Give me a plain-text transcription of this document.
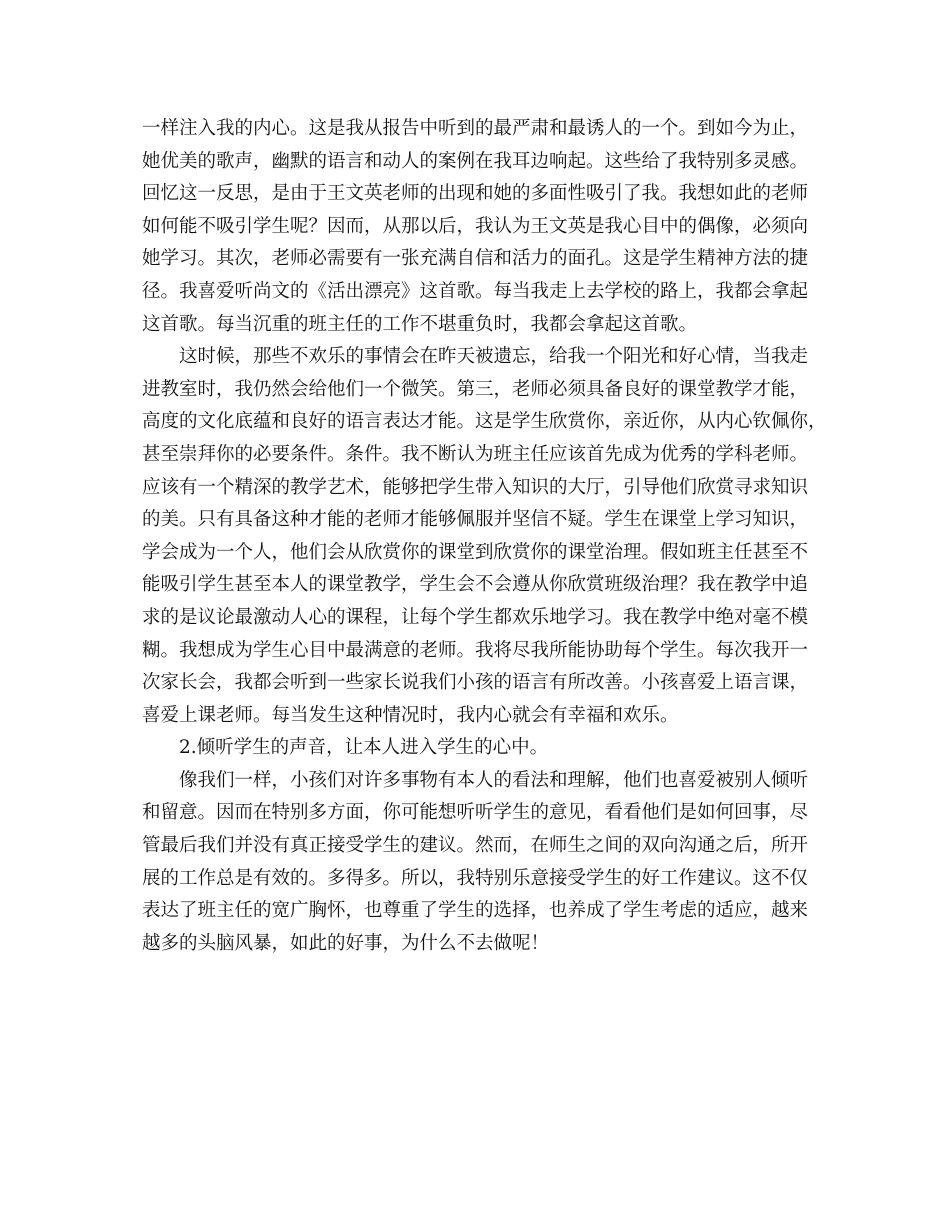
一样注入我的内心。这是我从报告中听到的最严肃和最诱人的一个。到如今为止，
她优美的歌声，幽默的语言和动人的案例在我耳边响起。这些给了我特别多灵感。
回忆这一反思，是由于王文英老师的出现和她的多面性吸引了我。我想如此的老师
如何能不吸引学生呢？因而，从那以后，我认为王文英是我心目中的偶像，必须向
她学习。其次，老师必需要有一张充满自信和活力的面孔。这是学生精神方法的捷
径。我喜爱听尚文的《活出漂亮》这首歌。每当我走上去学校的路上，我都会拿起
这首歌。每当沉重的班主任的工作不堪重负时，我都会拿起这首歌。
这时候，那些不欢乐的事情会在昨天被遗忘，给我一个阳光和好心情，当我走
进教室时，我仍然会给他们一个微笑。第三，老师必须具备良好的课堂教学才能，
高度的文化底蕴和良好的语言表达才能。这是学生欣赏你，亲近你，从内心钦佩你，
甚至崇拜你的必要条件。条件。我不断认为班主任应该首先成为优秀的学科老师。
应该有一个精深的教学艺术，能够把学生带入知识的大厅，引导他们欣赏寻求知识
的美。只有具备这种才能的老师才能够佩服并坚信不疑。学生在课堂上学习知识，
学会成为一个人，他们会从欣赏你的课堂到欣赏你的课堂治理。假如班主任甚至不
能吸引学生甚至本人的课堂教学，学生会不会遵从你欣赏班级治理？我在教学中追
求的是议论最激动人心的课程，让每个学生都欢乐地学习。我在教学中绝对毫不模
糊。我想成为学生心目中最满意的老师。我将尽我所能协助每个学生。每次我开一
次家长会，我都会听到一些家长说我们小孩的语言有所改善。小孩喜爱上语言课，
喜爱上课老师。每当发生这种情况时，我内心就会有幸福和欢乐。
2.倾听学生的声音，让本人进入学生的心中。
像我们一样，小孩们对许多事物有本人的看法和理解，他们也喜爱被别人倾听
和留意。因而在特别多方面，你可能想听听学生的意见，看看他们是如何回事，尽
管最后我们并没有真正接受学生的建议。然而，在师生之间的双向沟通之后，所开
展的工作总是有效的。多得多。所以，我特别乐意接受学生的好工作建议。这不仅
表达了班主任的宽广胸怀，也尊重了学生的选择，也养成了学生考虑的适应，越来
越多的头脑风暴，如此的好事，为什么不去做呢！
